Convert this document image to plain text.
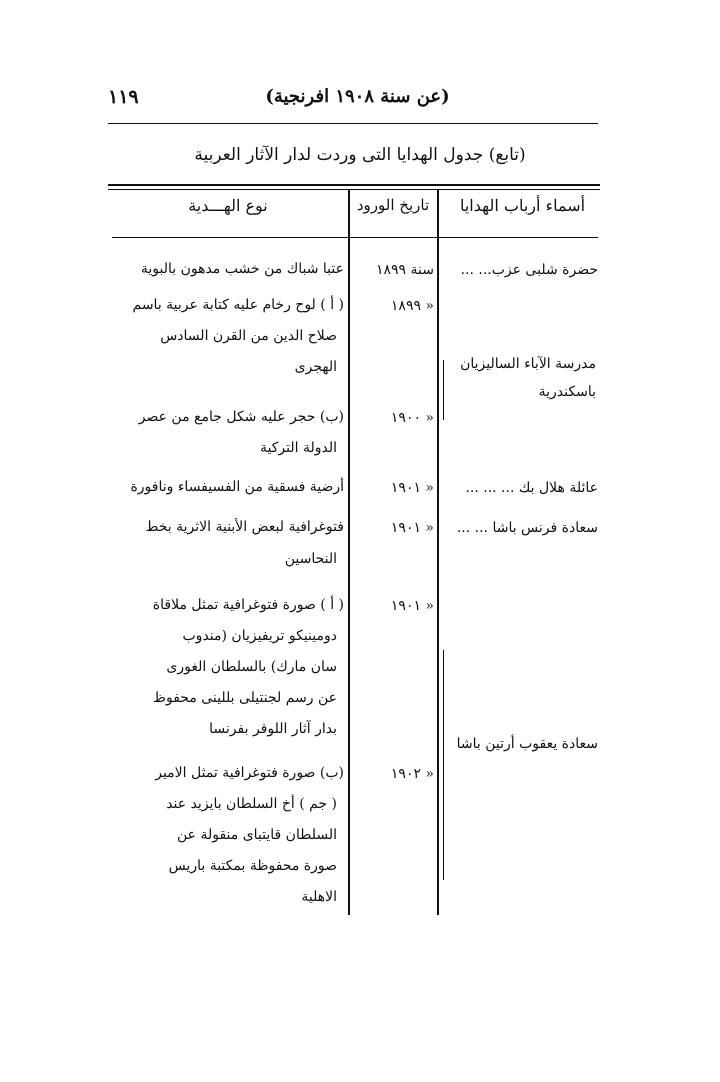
(عن سنة ١٩٠٨ افرنجية)
١١٩
(تابع) جدول الهدايا التى وردت لدار الآثار العربية
أسماء أرباب الهدايا
تاريخ الورود
نوع الهـــدية
حضرة شلبى عزب... ...
سنة ١٨٩٩
عتبا شباك من خشب مدهون بالبوية
مدرسة الآباء الساليزيان باسكندرية
« ١٨٩٩
( أ ) لوح رخام عليه كتابة عربية باسم
صلاح الدين من القرن السادس
الهجرى
« ١٩٠٠
(ب) حجر عليه شكل جامع من عصر
الدولة التركية
عائلة هلال بك ... ... ...
« ١٩٠١
أرضية فسقية من الفسيفساء ونافورة
سعادة فرنس باشا ... ...
« ١٩٠١
فتوغرافية لبعض الأبنية الاثرية بخط
النحاسين
سعادة يعقوب أرتين باشا
« ١٩٠١
( أ ) صورة فتوغرافية تمثل ملاقاة
دومينيكو تريفيزيان (مندوب
سان مارك) بالسلطان الغورى
عن رسم لجنتيلى بللينى محفوظ
بدار آثار اللوفر بفرنسا
« ١٩٠٢
(ب) صورة فتوغرافية تمثل الامير
( جم ) أخ السلطان بايزيد عند
السلطان قايتباى منقولة عن
صورة محفوظة بمكتبة باريس
الاهلية
